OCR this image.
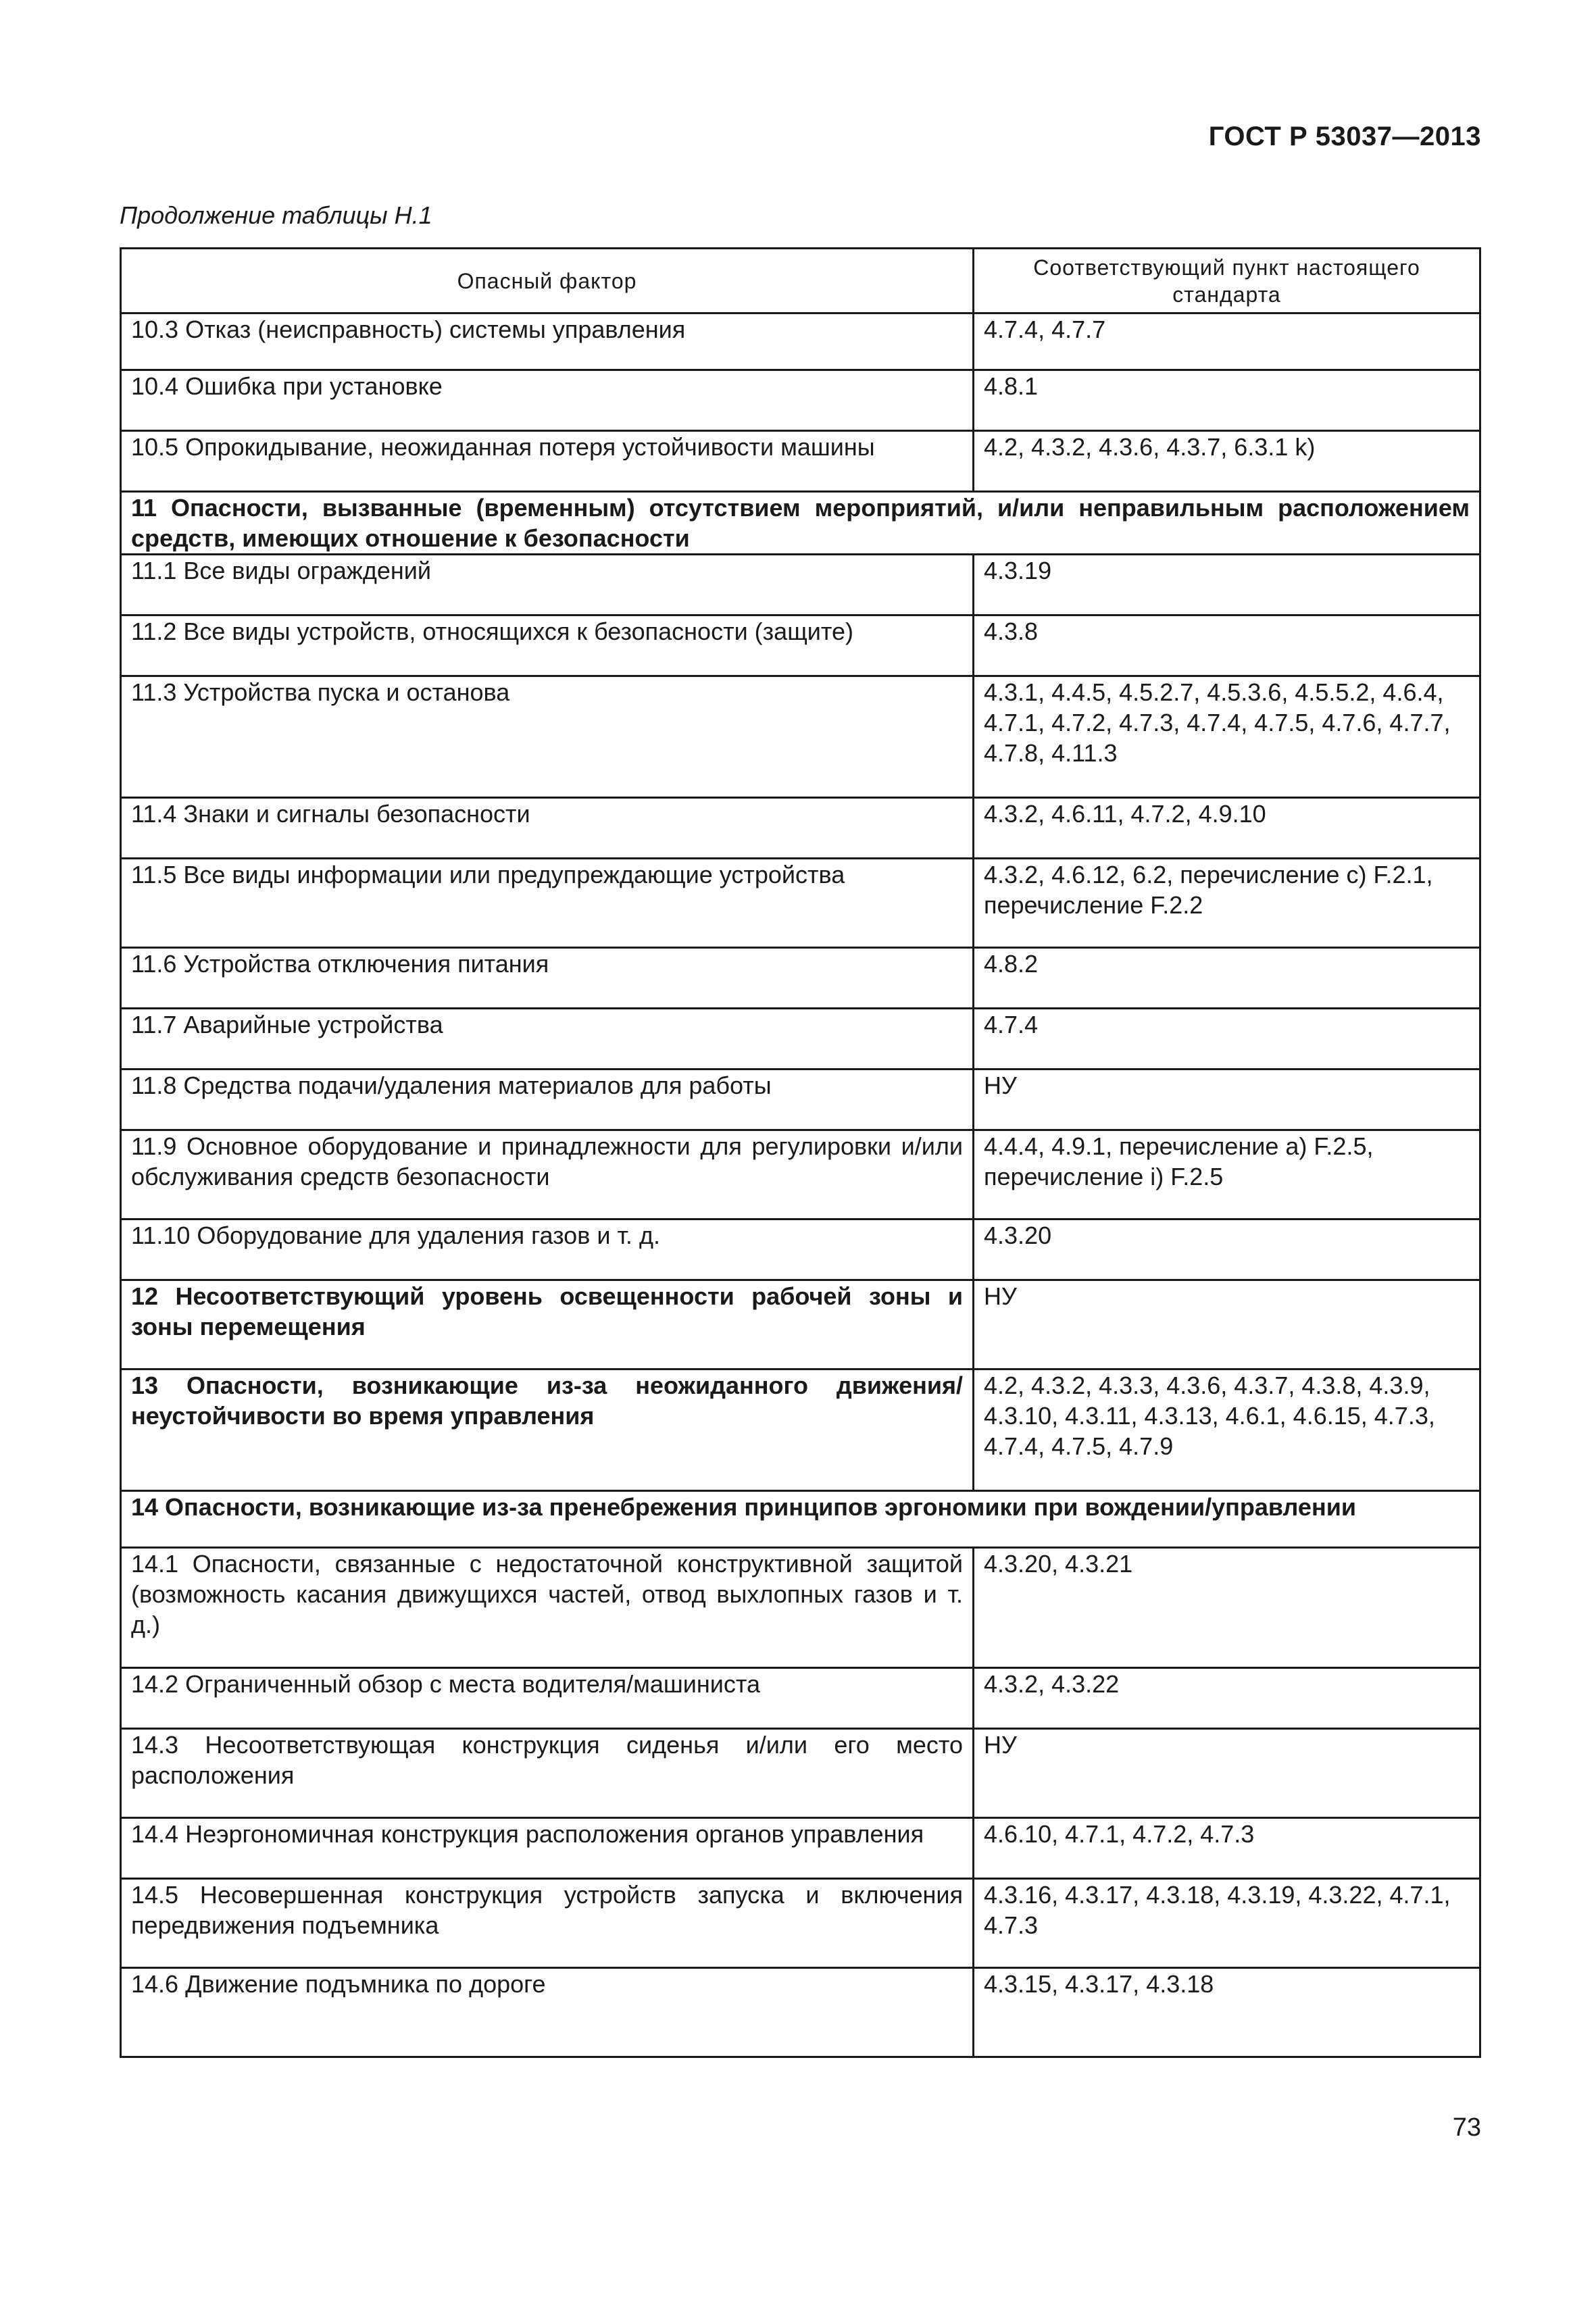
ГОСТ Р 53037—2013
Продолжение таблицы Н.1
Опасный фактор	Соответствующий пункт настоящего стандарта
10.3 Отказ (неисправность) системы управления	4.7.4, 4.7.7
10.4 Ошибка при установке	4.8.1
10.5 Опрокидывание, неожиданная потеря устойчивости машины	4.2, 4.3.2, 4.3.6, 4.3.7, 6.3.1 k)
11 Опасности, вызванные (временным) отсутствием мероприятий, и/или неправильным расположением средств, имеющих отношение к безопасности	
11.1 Все виды ограждений	4.3.19
11.2 Все виды устройств, относящихся к безопасности (защите)	4.3.8
11.3 Устройства пуска и останова	4.3.1, 4.4.5, 4.5.2.7, 4.5.3.6, 4.5.5.2, 4.6.4, 4.7.1, 4.7.2, 4.7.3, 4.7.4, 4.7.5, 4.7.6, 4.7.7, 4.7.8, 4.11.3
11.4 Знаки и сигналы безопасности	4.3.2, 4.6.11, 4.7.2, 4.9.10
11.5 Все виды информации или предупреждающие устройства	4.3.2, 4.6.12, 6.2, перечисление c) F.2.1, перечисление F.2.2
11.6 Устройства отключения питания	4.8.2
11.7 Аварийные устройства	4.7.4
11.8 Средства подачи/удаления материалов для работы	НУ
11.9 Основное оборудование и принадлежности для регулировки и/или обслуживания средств безопасности	4.4.4, 4.9.1, перечисление a) F.2.5, перечисление i) F.2.5
11.10 Оборудование для удаления газов и т. д.	4.3.20
12 Несоответствующий уровень освещенности рабочей зоны и зоны перемещения	НУ
13 Опасности, возникающие из-за неожиданного движения/неустойчивости во время управления	4.2, 4.3.2, 4.3.3, 4.3.6, 4.3.7, 4.3.8, 4.3.9, 4.3.10, 4.3.11, 4.3.13, 4.6.1, 4.6.15, 4.7.3, 4.7.4, 4.7.5, 4.7.9
14 Опасности, возникающие из-за пренебрежения принципов эргономики при вождении/управлении	
14.1 Опасности, связанные с недостаточной конструктивной защитой (возможность касания движущихся частей, отвод выхлопных газов и т. д.)	4.3.20, 4.3.21
14.2 Ограниченный обзор с места водителя/машиниста	4.3.2, 4.3.22
14.3 Несоответствующая конструкция сиденья и/или его место расположения	НУ
14.4 Неэргономичная конструкция расположения органов управления	4.6.10, 4.7.1, 4.7.2, 4.7.3
14.5 Несовершенная конструкция устройств запуска и включения передвижения подъемника	4.3.16, 4.3.17, 4.3.18, 4.3.19, 4.3.22, 4.7.1, 4.7.3
14.6 Движение подъмника по дороге	4.3.15, 4.3.17, 4.3.18
73
